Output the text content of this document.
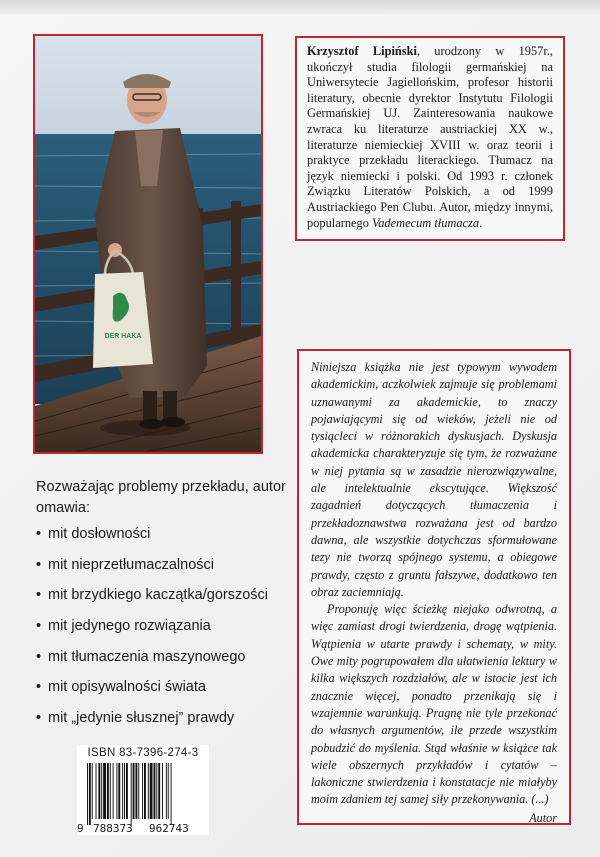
DER HAKA
Krzysztof Lipiński, urodzony w 1957r., ukończył studia filologii germańskiej na Uniwersytecie Jagiellońskim, profesor historii literatury, obecnie dyrektor Instytutu Filologii Germańskiej UJ. Zainteresowania naukowe zwraca ku literaturze austriackiej XX w., literaturze niemieckiej XVIII w. oraz teorii i praktyce przekładu literackiego. Tłumacz na język niemiecki i polski. Od 1993 r. członek Związku Literatów Polskich, a od 1999 Austriackiego Pen Clubu. Autor, między innymi, popularnego Vademecum tłumacza.
Rozważając problemy przekładu, autor omawia:
• mit dosłowności
• mit nieprzetłumaczalności
• mit brzydkiego kaczątka/gorszości
• mit jedynego rozwiązania
• mit tłumaczenia maszynowego
• mit opisywalności świata
• mit „jedynie słusznej” prawdy

Niniejsza książka nie jest typowym wywodem akademickim, aczkolwiek zajmuje się problemami uznawanymi za akademickie, to znaczy pojawiającymi się od wieków, jeżeli nie od tysiącleci w różnorakich dyskusjach. Dyskusja akademicka charakteryzuje się tym, że rozważane w niej pytania są w zasadzie nierozwiązywalne, ale intelektualnie ekscytujące. Większość zagadnień dotyczących tłumaczenia i przekładoznawstwa rozważana jest od bardzo dawna, ale wszystkie dotychczas sformułowane tezy nie tworzą spójnego systemu, a obiegowe prawdy, często z gruntu fałszywe, dodatkowo ten obraz zaciemniają.

Proponuję więc ścieżkę niejako odwrotną, a więc zamiast drogi twierdzenia, drogę wątpienia. Wątpienia w utarte prawdy i schematy, w mity. Owe mity pogrupowałem dla ułatwienia lektury w kilka większych rozdziałów, ale w istocie jest ich znacznie więcej, ponadto przenikają się i wzajemnie warunkują. Pragnę nie tyle przekonać do własnych argumentów, ile przede wszystkim pobudzić do myślenia. Stąd właśnie w książce tak wiele obszernych przykładów i cytatów – lakoniczne stwierdzenia i konstatacje nie miałyby moim zdaniem tej samej siły przekonywania. (...)

Autor

ISBN 83-7396-274-3
9 788373 962743
